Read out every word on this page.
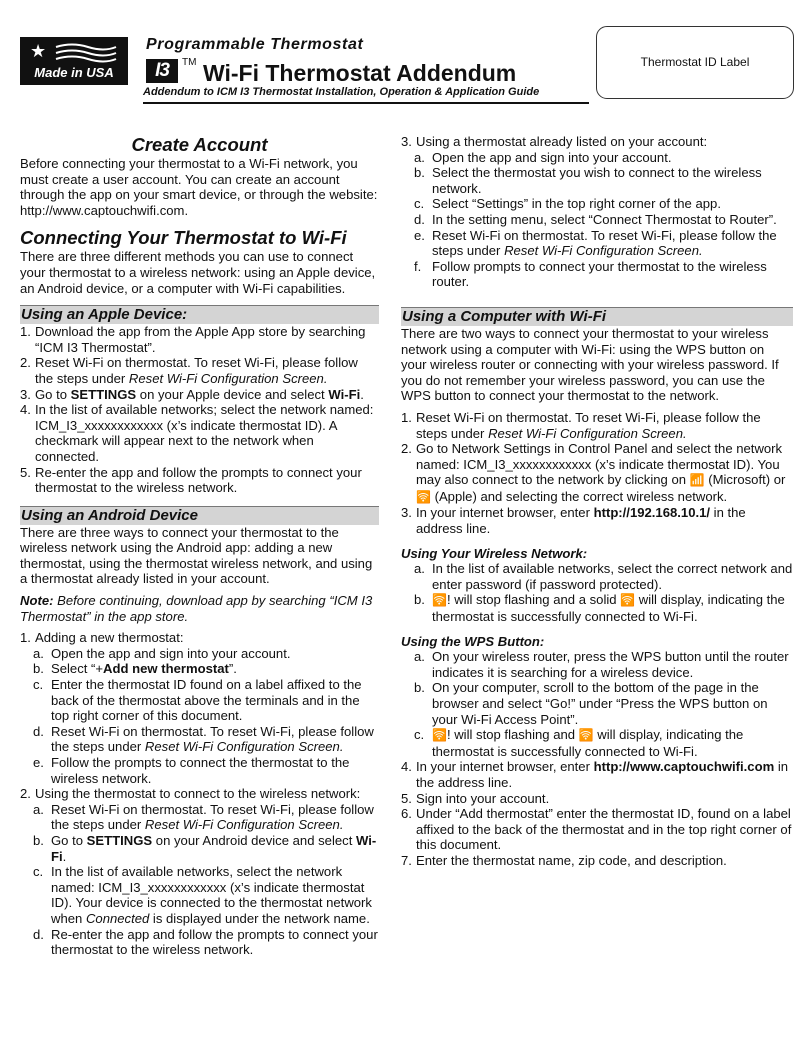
★
Made in USA
Programmable Thermostat
I3	TM Wi-Fi Thermostat Addendum
Addendum to ICM I3 Thermostat Installation, Operation & Application Guide
Thermostat ID Label
Create Account

Before connecting your thermostat to a Wi-Fi network, you must create a user account. You can create an account through the app on your smart device, or through the website: http://www.captouchwifi.com.

Connecting Your Thermostat to Wi-Fi

There are three different methods you can use to connect your thermostat to a wireless network: using an Apple device, an Android device, or a computer with Wi-Fi capabilities.

Using an Apple Device:
1. Download the app from the Apple App store by searching “ICM I3 Thermostat”.
2. Reset Wi-Fi on thermostat. To reset Wi-Fi, please follow the steps under Reset Wi-Fi Configuration Screen.
3. Go to SETTINGS on your Apple device and select Wi-Fi.
4. In the list of available networks; select the network named: ICM_I3_xxxxxxxxxxxx (x’s indicate thermostat ID). A checkmark will appear next to the network when connected.
5. Re-enter the app and follow the prompts to connect your thermostat to the wireless network.
Using an Android Device

There are three ways to connect your thermostat to the wireless network using the Android app: adding a new thermostat, using the thermostat wireless network, and using a thermostat already listed in your account.

Note: Before continuing, download app by searching “ICM I3 Thermostat” in the app store.

1. Adding a new thermostat:
a. Open the app and sign into your account.
b. Select “+Add new thermostat”.
c. Enter the thermostat ID found on a label affixed to the back of the thermostat above the terminals and in the top right corner of this document.
d. Reset Wi-Fi on thermostat. To reset Wi-Fi, please follow the steps under Reset Wi-Fi Configuration Screen.
e. Follow the prompts to connect the thermostat to the wireless network.
2. Using the thermostat to connect to the wireless network:
a. Reset Wi-Fi on thermostat. To reset Wi-Fi, please follow the steps under Reset Wi-Fi Configuration Screen.
b. Go to SETTINGS on your Android device and select Wi-Fi.
c. In the list of available networks, select the network named: ICM_I3_xxxxxxxxxxxx (x’s indicate thermostat ID). Your device is connected to the thermostat network when Connected is displayed under the network name.
d. Re-enter the app and follow the prompts to connect your thermostat to the wireless network.
3. Using a thermostat already listed on your account:
a. Open the app and sign into your account.
b. Select the thermostat you wish to connect to the wireless network.
c. Select “Settings” in the top right corner of the app.
d. In the setting menu, select “Connect Thermostat to Router”.
e. Reset Wi-Fi on thermostat. To reset Wi-Fi, please follow the steps under Reset Wi-Fi Configuration Screen.
f. Follow prompts to connect your thermostat to the wireless router.
Using a Computer with Wi-Fi

There are two ways to connect your thermostat to your wireless network using a computer with Wi-Fi: using the WPS button on your wireless router or connecting with your wireless password. If you do not remember your wireless password, you can use the WPS button to connect your thermostat to the network.

1. Reset Wi-Fi on thermostat. To reset Wi-Fi, please follow the steps under Reset Wi-Fi Configuration Screen.
2. Go to Network Settings in Control Panel and select the network named: ICM_I3_xxxxxxxxxxxx (x’s indicate thermostat ID). You may also connect to the network by clicking on 📶 (Microsoft) or 🛜 (Apple) and selecting the correct wireless network.
3. In your internet browser, enter http://192.168.10.1/ in the address line.
Using Your Wireless Network:
a. In the list of available networks, select the correct network and enter password (if password protected).
b. 🛜! will stop flashing and a solid 🛜 will display, indicating the thermostat is successfully connected to Wi-Fi.
Using the WPS Button:
a. On your wireless router, press the WPS button until the router indicates it is searching for a wireless device.
b. On your computer, scroll to the bottom of the page in the browser and select “Go!” under “Press the WPS button on your Wi-Fi Access Point”.
c. 🛜! will stop flashing and 🛜 will display, indicating the thermostat is successfully connected to Wi-Fi.
4. In your internet browser, enter http://www.captouchwifi.com in the address line.
5. Sign into your account.
6. Under “Add thermostat” enter the thermostat ID, found on a label affixed to the back of the thermostat and in the top right corner of this document.
7. Enter the thermostat name, zip code, and description.
